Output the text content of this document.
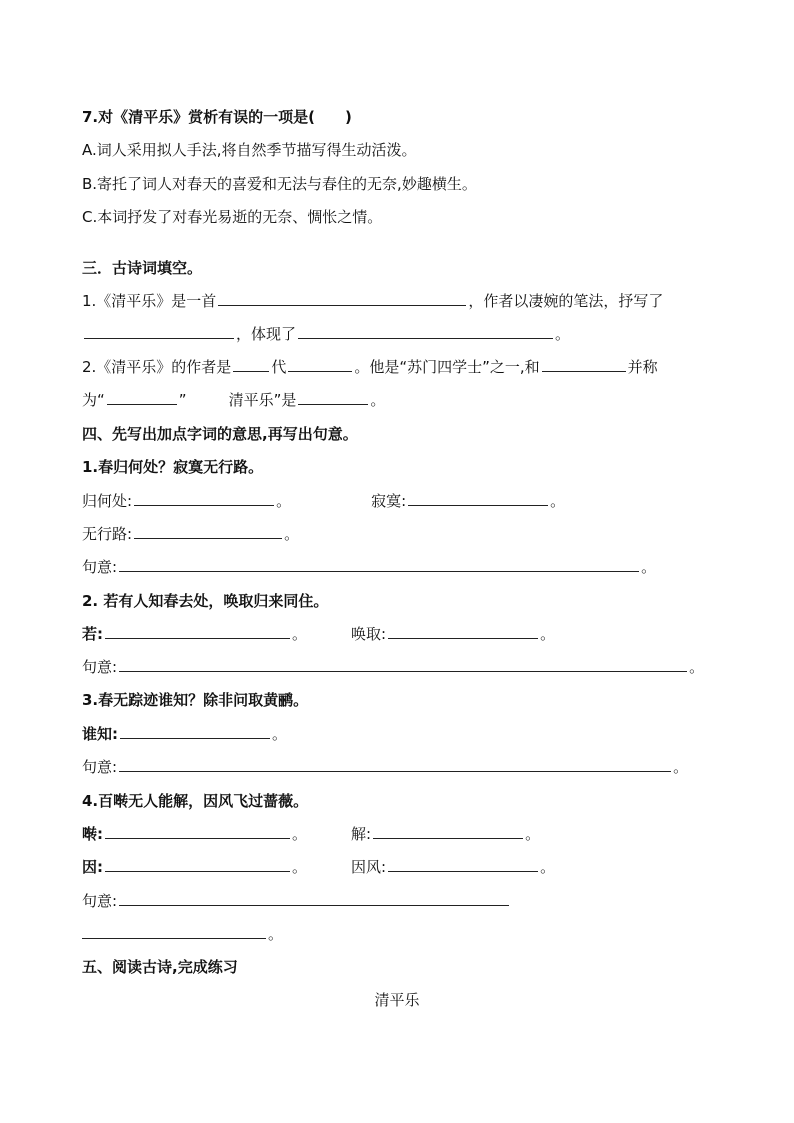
7.对《清平乐》赏析有误的一项是(　　)
A.词人采用拟人手法,将自然季节描写得生动活泼。
B.寄托了词人对春天的喜爱和无法与春住的无奈,妙趣横生。
C.本词抒发了对春光易逝的无奈、惆怅之情。
三．古诗词填空。
1.《清平乐》是一首	，作者以凄婉的笔法，抒写了
，体现了	。
2.《清平乐》的作者是	代	。他是“苏门四学士”之一,和	并称
为“	”	清平乐”是	。
四、先写出加点字词的意思,再写出句意。
1.春归何处？寂寞无行路。
归何处:	。	寂寞:	。
无行路:	。
句意:	。
2. 若有人知春去处，唤取归来同住。
若:	。	唤取:	。
句意:	。
3.春无踪迹谁知？除非问取黄鹂。
谁知:	。
句意:	。
4.百啭无人能解，因风飞过蔷薇。
啭:	。	解:	。
因:	。	因风:	。
句意:
。
五、阅读古诗,完成练习
清平乐
